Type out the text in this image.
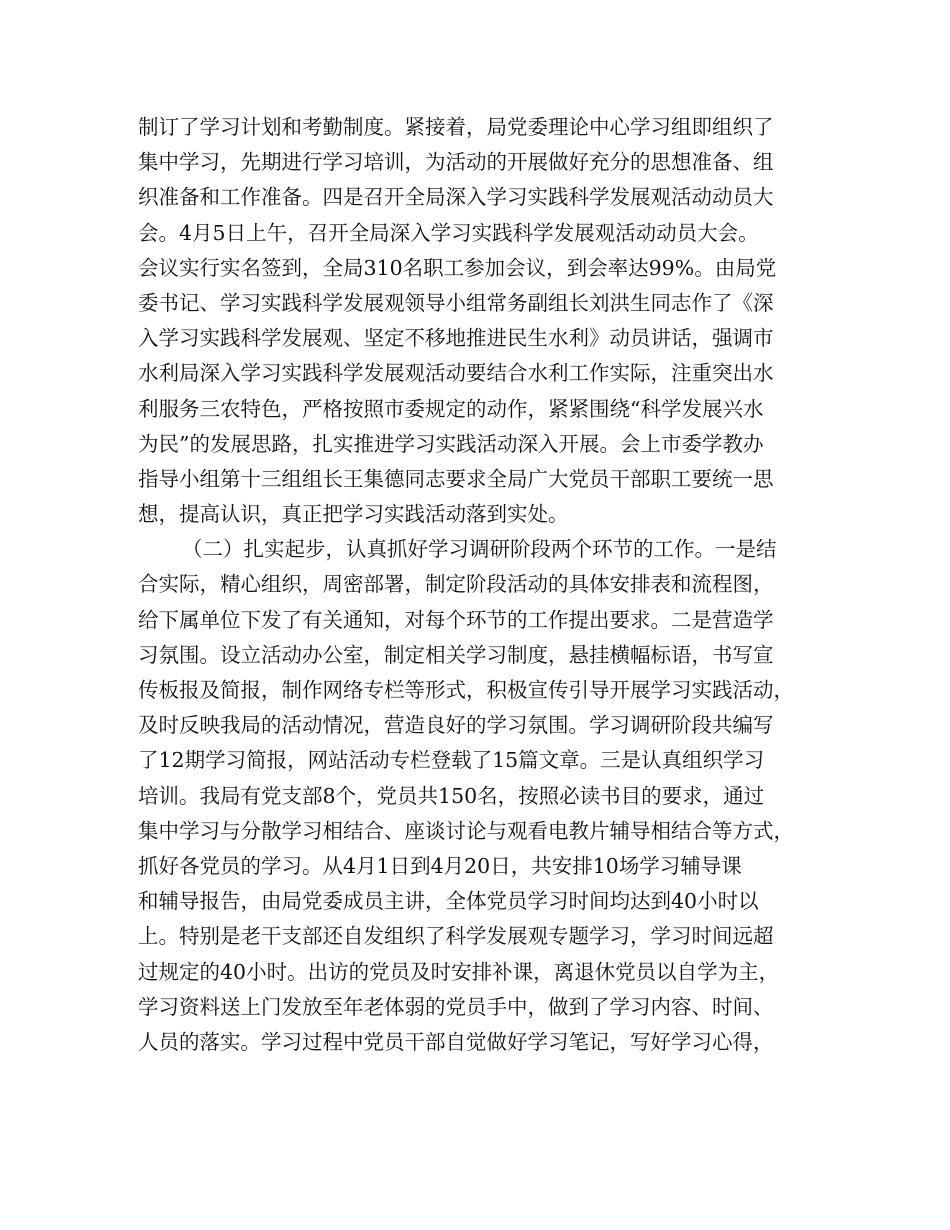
制订了学习计划和考勤制度。紧接着，局党委理论中心学习组即组织了
集中学习，先期进行学习培训，为活动的开展做好充分的思想准备、组
织准备和工作准备。四是召开全局深入学习实践科学发展观活动动员大
会。4月5日上午，召开全局深入学习实践科学发展观活动动员大会。
会议实行实名签到，全局310名职工参加会议，到会率达99%。由局党
委书记、学习实践科学发展观领导小组常务副组长刘洪生同志作了《深
入学习实践科学发展观、坚定不移地推进民生水利》动员讲话，强调市
水利局深入学习实践科学发展观活动要结合水利工作实际，注重突出水
利服务三农特色，严格按照市委规定的动作，紧紧围绕“科学发展兴水
为民”的发展思路，扎实推进学习实践活动深入开展。会上市委学教办
指导小组第十三组组长王集德同志要求全局广大党员干部职工要统一思
想，提高认识，真正把学习实践活动落到实处。
（二）扎实起步，认真抓好学习调研阶段两个环节的工作。一是结
合实际，精心组织，周密部署，制定阶段活动的具体安排表和流程图，
给下属单位下发了有关通知，对每个环节的工作提出要求。二是营造学
习氛围。设立活动办公室，制定相关学习制度，悬挂横幅标语，书写宣
传板报及简报，制作网络专栏等形式，积极宣传引导开展学习实践活动，
及时反映我局的活动情况，营造良好的学习氛围。学习调研阶段共编写
了12期学习简报，网站活动专栏登载了15篇文章。三是认真组织学习
培训。我局有党支部8个，党员共150名，按照必读书目的要求，通过
集中学习与分散学习相结合、座谈讨论与观看电教片辅导相结合等方式，
抓好各党员的学习。从4月1日到4月20日，共安排10场学习辅导课
和辅导报告，由局党委成员主讲，全体党员学习时间均达到40小时以
上。特别是老干支部还自发组织了科学发展观专题学习，学习时间远超
过规定的40小时。出访的党员及时安排补课，离退休党员以自学为主，
学习资料送上门发放至年老体弱的党员手中，做到了学习内容、时间、
人员的落实。学习过程中党员干部自觉做好学习笔记，写好学习心得，
